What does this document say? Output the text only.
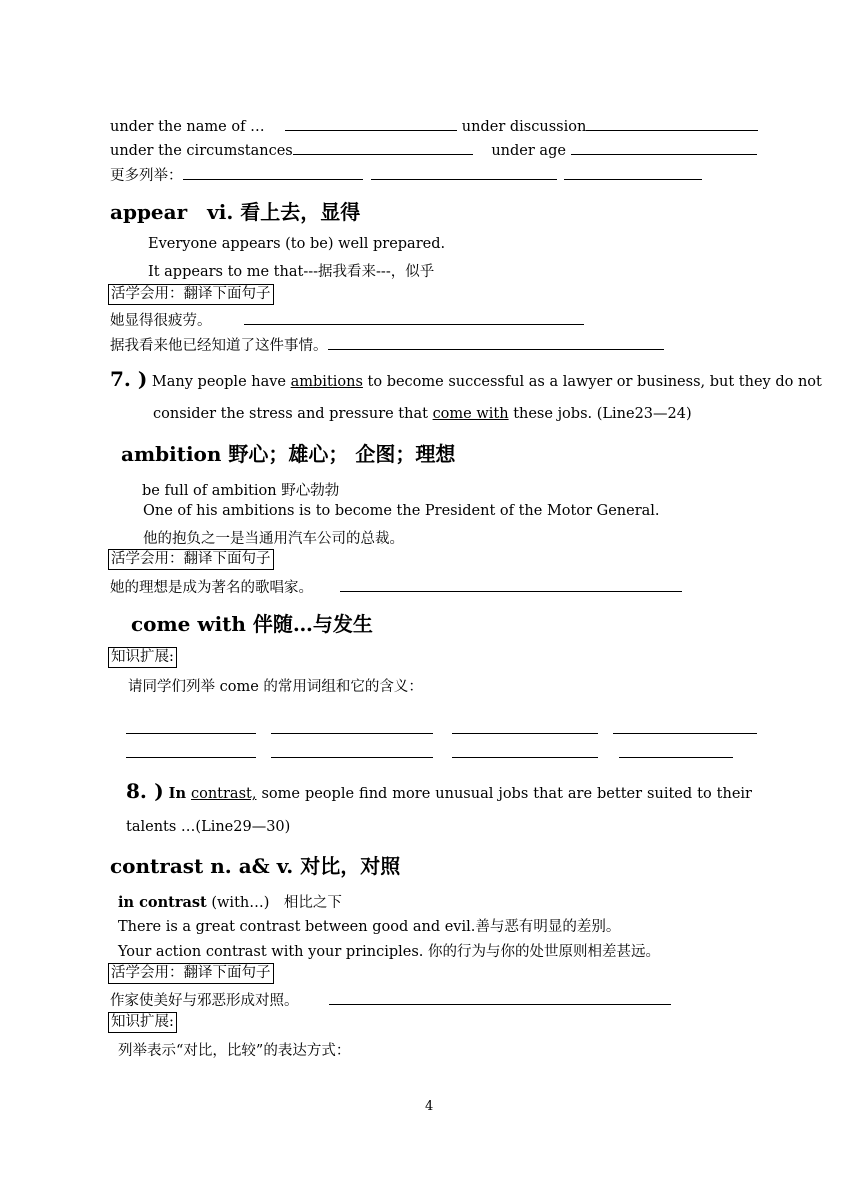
under the name of …	under discussion
under the circumstances	under age
更多列举：
appear　vi. 看上去，显得
Everyone appears (to be) well prepared.
It appears to me that---据我看来---，似乎
活学会用：翻译下面句子
她显得很疲劳。
据我看来他已经知道了这件事情。
7. ) Many people have ambitions to become successful as a lawyer or business, but they do not
consider the stress and pressure that come with these jobs. (Line23—24)
ambition 野心；雄心； 企图；理想
be full of ambition 野心勃勃
One of his ambitions is to become the President of the Motor General.
他的抱负之一是当通用汽车公司的总裁。
活学会用：翻译下面句子
她的理想是成为著名的歌唱家。
come with 伴随…与发生
知识扩展:
请同学们列举 come 的常用词组和它的含义：

8. ) In contrast, some people find more unusual jobs that are better suited to their
talents …(Line29—30)
contrast n. a& v. 对比，对照
in contrast (with…)　相比之下
There is a great contrast between good and evil.善与恶有明显的差别。
Your action contrast with your principles. 你的行为与你的处世原则相差甚远。
活学会用：翻译下面句子
作家使美好与邪恶形成对照。
知识扩展:
列举表示“对比，比较”的表达方式：
4
